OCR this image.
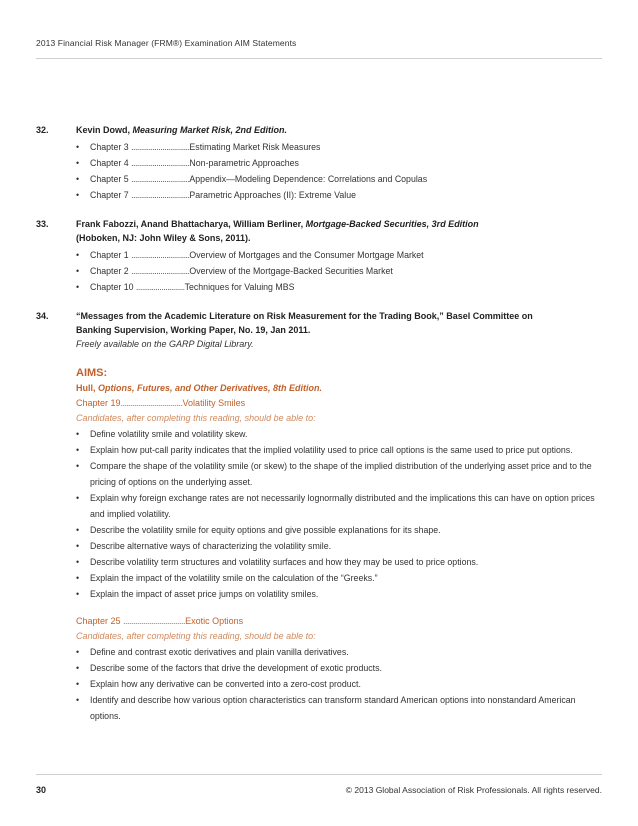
2013 Financial Risk Manager (FRM®) Examination AIM Statements
32.	Kevin Dowd, Measuring Market Risk, 2nd Edition.
• Chapter 3 ..............................Estimating Market Risk Measures
• Chapter 4 ..............................Non-parametric Approaches
• Chapter 5 ..............................Appendix—Modeling Dependence: Correlations and Copulas
• Chapter 7 ..............................Parametric Approaches (II): Extreme Value
33.	Frank Fabozzi, Anand Bhattacharya, William Berliner, Mortgage-Backed Securities, 3rd Edition
(Hoboken, NJ: John Wiley & Sons, 2011).
• Chapter 1 ..............................Overview of Mortgages and the Consumer Mortgage Market
• Chapter 2 ..............................Overview of the Mortgage-Backed Securities Market
• Chapter 10 .........................Techniques for Valuing MBS
34.	“Messages from the Academic Literature on Risk Measurement for the Trading Book,” Basel Committee on
Banking Supervision, Working Paper, No. 19, Jan 2011.
Freely available on the GARP Digital Library.
AIMS:
Hull, Options, Futures, and Other Derivatives, 8th Edition.
Chapter 19...............................Volatility Smiles
Candidates, after completing this reading, should be able to:
• Define volatility smile and volatility skew.
• Explain how put-call parity indicates that the implied volatility used to price call options is the same used to price put options.
• Compare the shape of the volatility smile (or skew) to the shape of the implied distribution of the underlying asset price and to the pricing of options on the underlying asset.
• Explain why foreign exchange rates are not necessarily lognormally distributed and the implications this can have on option prices and implied volatility.
• Describe the volatility smile for equity options and give possible explanations for its shape.
• Describe alternative ways of characterizing the volatility smile.
• Describe volatility term structures and volatility surfaces and how they may be used to price options.
• Explain the impact of the volatility smile on the calculation of the “Greeks.”
• Explain the impact of asset price jumps on volatility smiles.
Chapter 25 ...............................Exotic Options
Candidates, after completing this reading, should be able to:
• Define and contrast exotic derivatives and plain vanilla derivatives.
• Describe some of the factors that drive the development of exotic products.
• Explain how any derivative can be converted into a zero-cost product.
• Identify and describe how various option characteristics can transform standard American options into nonstandard American options.
30	© 2013 Global Association of Risk Professionals. All rights reserved.
